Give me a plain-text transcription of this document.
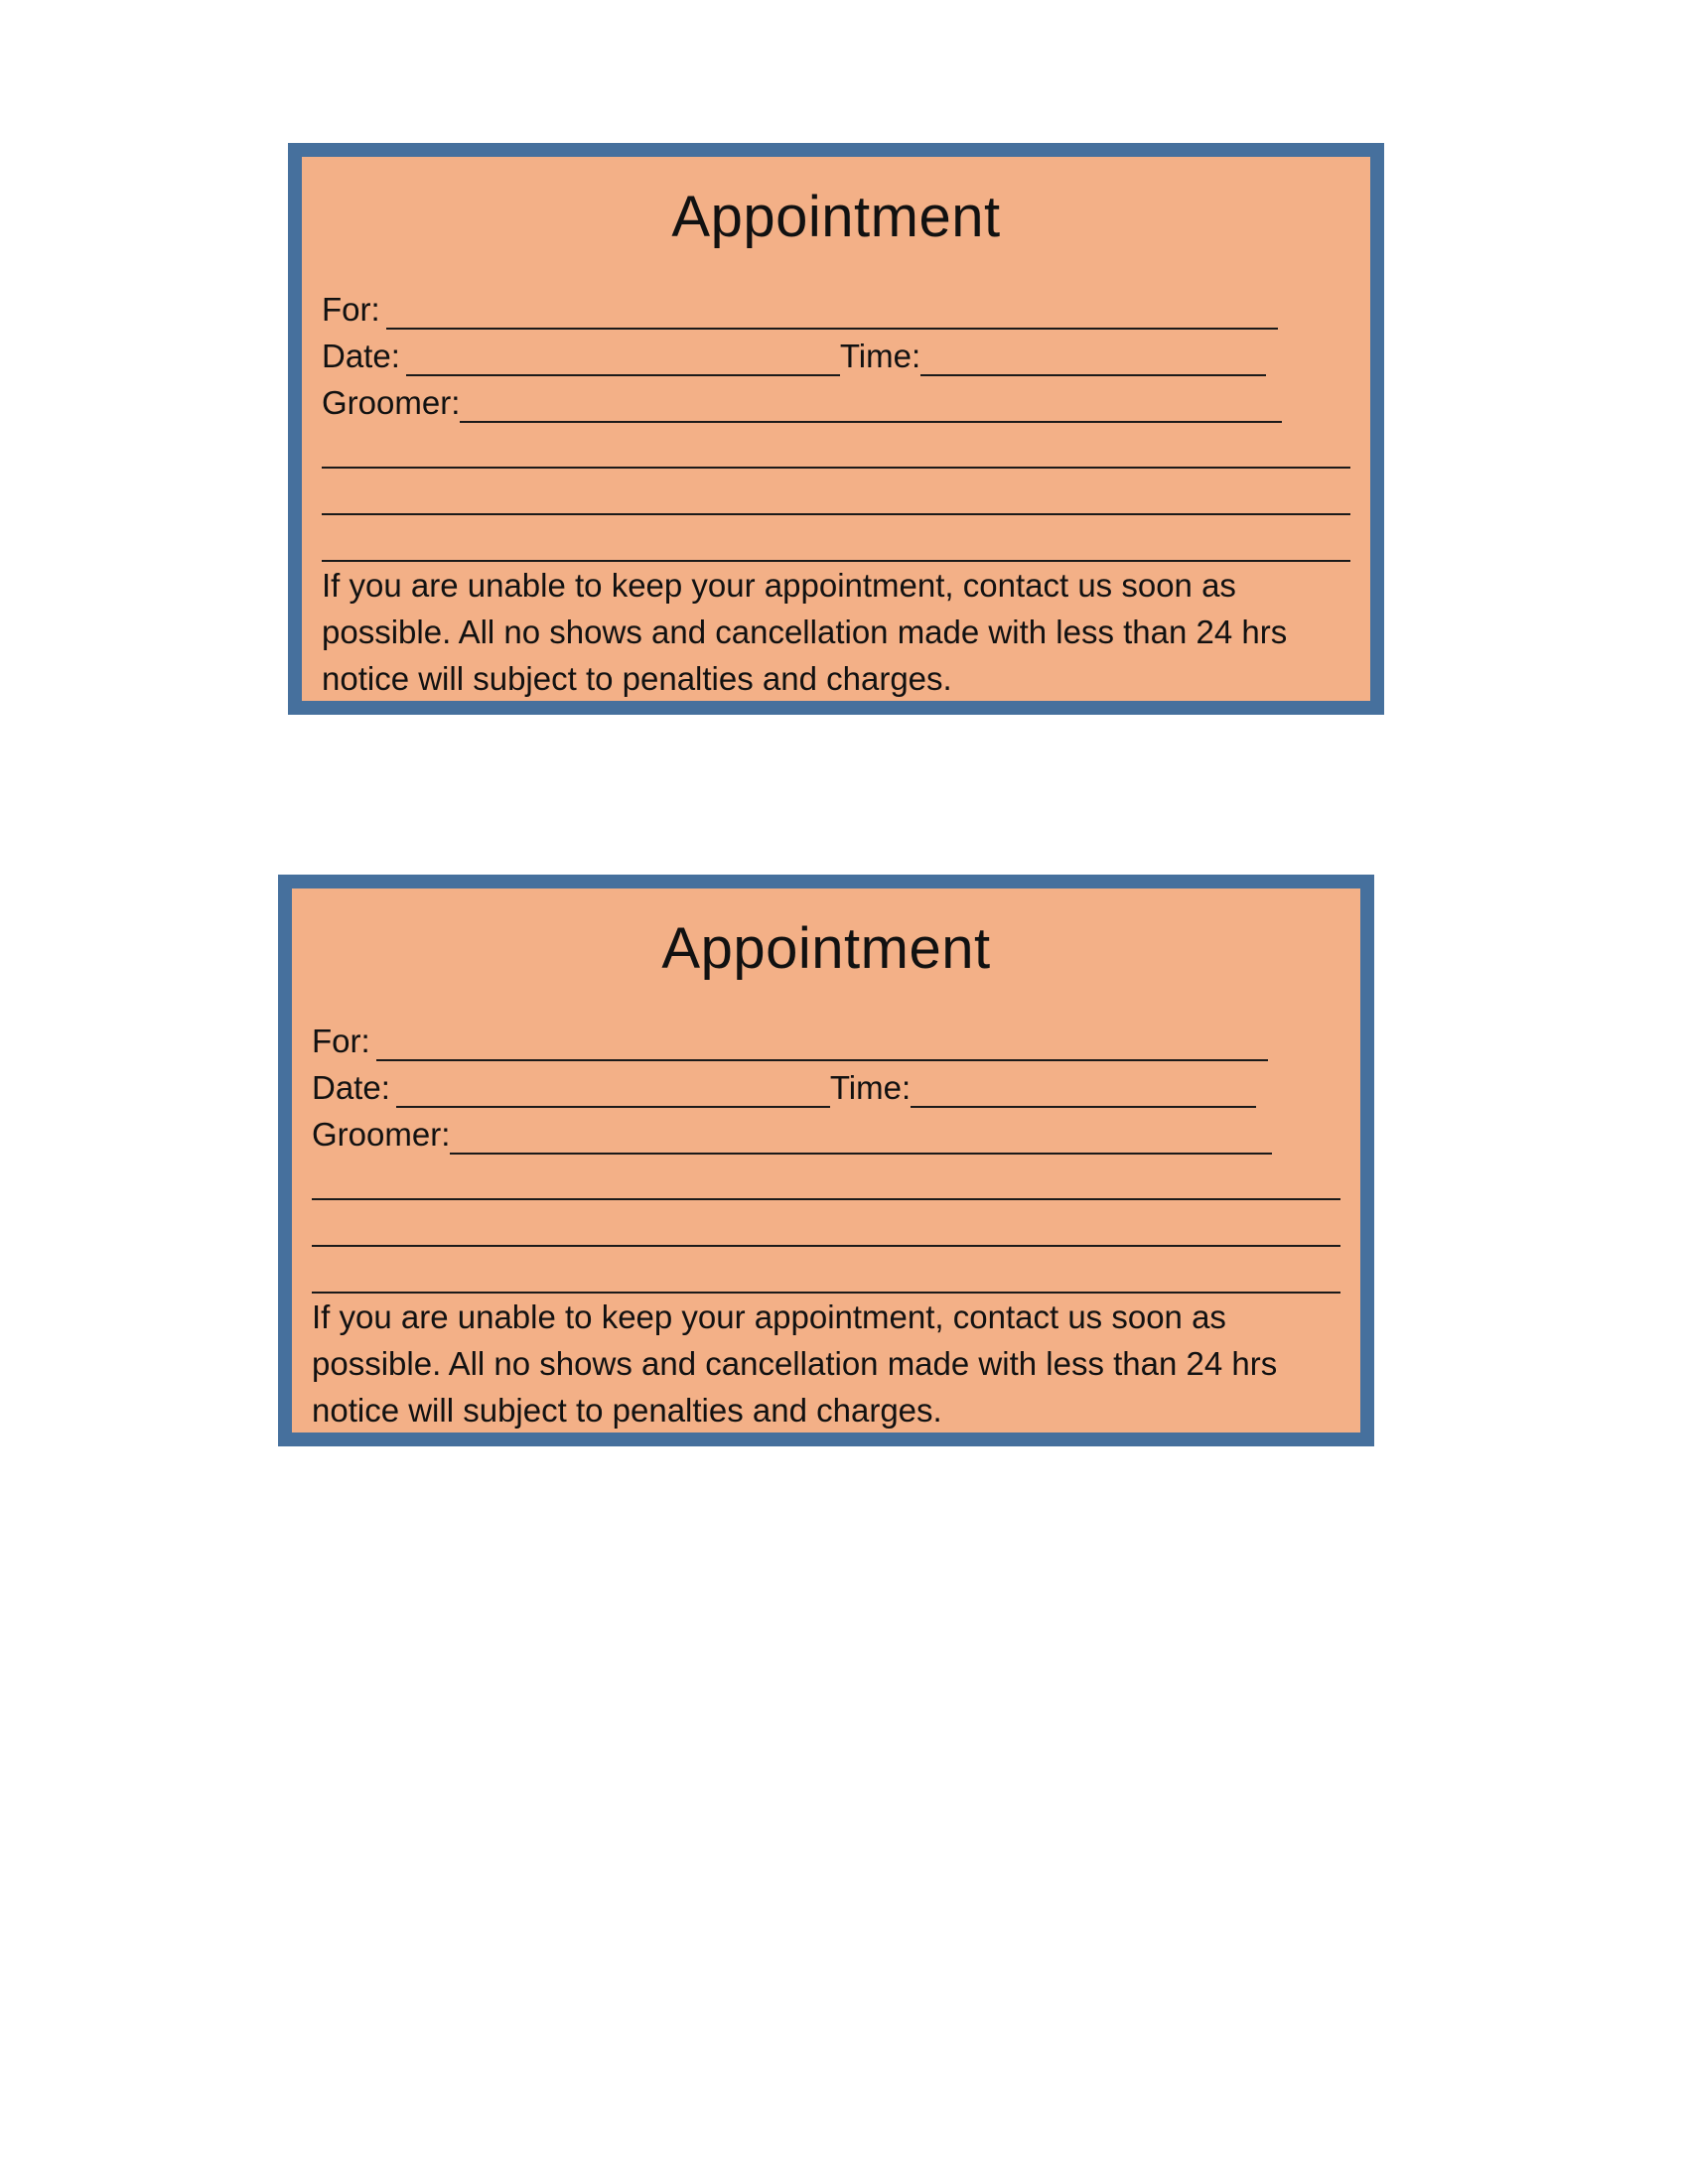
Appointment
For:
Date:	Time:
Groomer:
If you are unable to keep your appointment, contact us soon as possible. All no shows and cancellation made with less than 24 hrs notice will subject to penalties and charges.
Appointment
For:
Date:	Time:
Groomer:
If you are unable to keep your appointment, contact us soon as possible. All no shows and cancellation made with less than 24 hrs notice will subject to penalties and charges.
